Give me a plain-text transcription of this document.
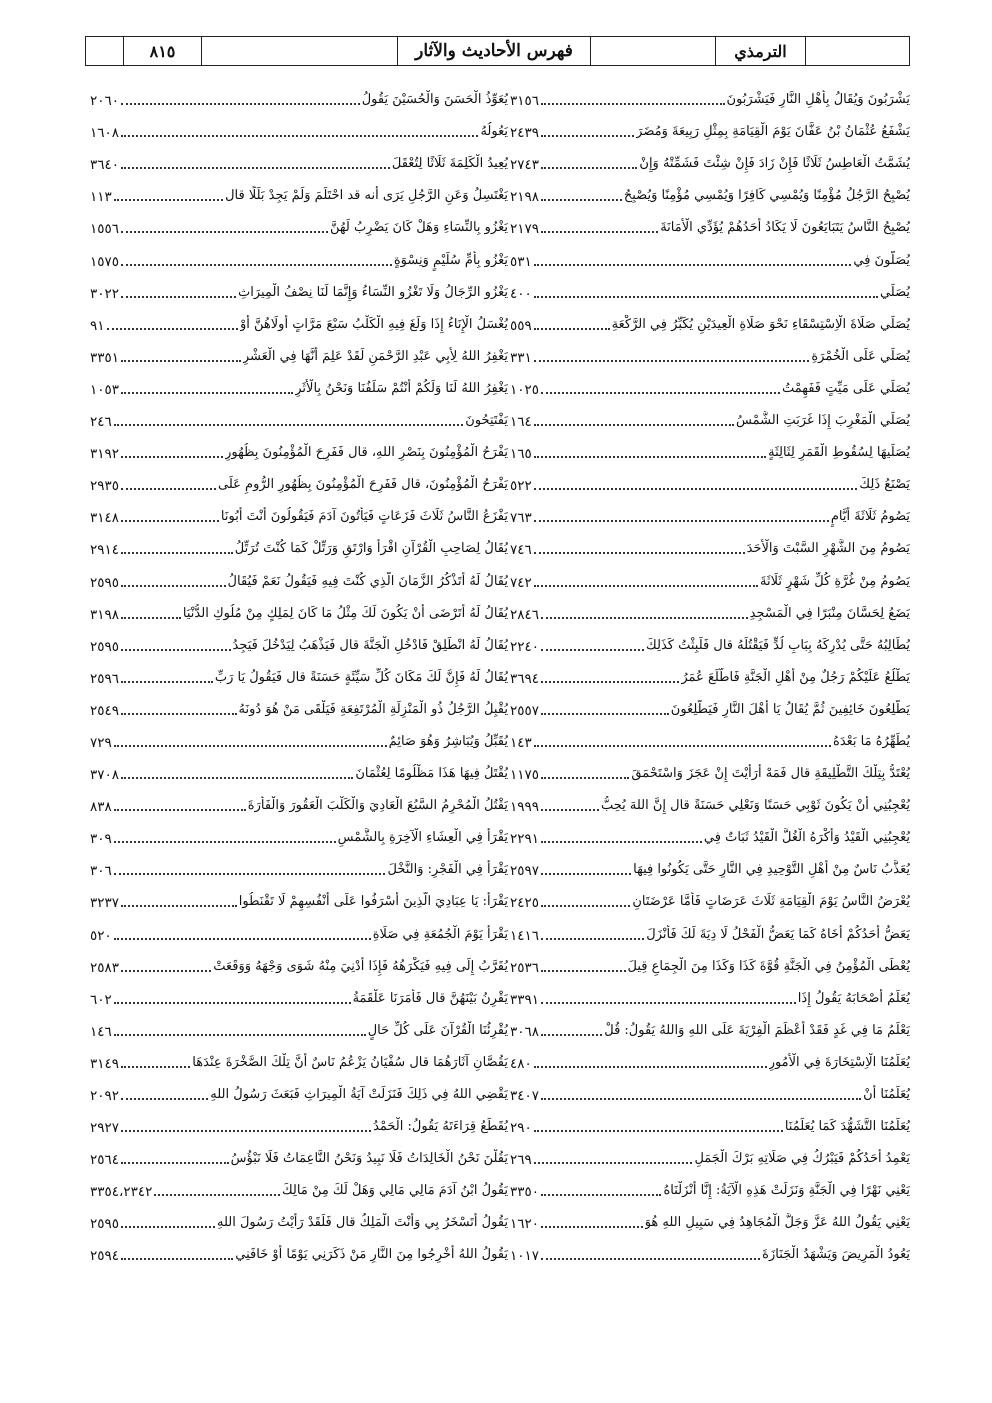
٨١٥	فهرس الأحاديث والآثار	الترمذي
٣١٥٦	يَشْرَبُونَ وَيُقَالُ بِأَهْلِ النَّارِ فَيَشْرَبُونَ
٢٤٣٩	يَشْفَعُ عُثْمَانُ بْنُ عَفَّانَ يَوْمَ الْقِيَامَةِ بِمِثْلِ رَبِيعَةَ وَمُضَرَ
٢٧٤٣	يُشَمَّتُ الْعَاطِسُ ثَلَاثًا فَإِنْ زَادَ فَإِنْ شِئْتَ فَشَمِّتْهُ وَإِنْ
٢١٩٨	يُصْبِحُ الرَّجُلُ مُؤْمِنًا وَيُمْسِي كَافِرًا وَيُمْسِي مُؤْمِنًا وَيُصْبِحُ
٢١٧٩	يُصْبِحُ النَّاسُ يَتَبَايَعُونَ لَا يَكَادُ أَحَدُهُمْ يُؤَدِّي الْأَمَانَةَ
٥٣١	يُصَلُّونَ فِي
٤٠٠	يُصَلِّي
٥٥٩	يُصَلِّي صَلَاةَ الْاِسْتِسْقَاءِ نَحْوَ صَلَاةِ الْعِيدَيْنِ يُكَبِّرُ فِي الرَّكْعَةِ
٣٣١	يُصَلِّي عَلَى الْخُمْرَةِ
١٠٢٥	يُصَلِّي عَلَى مَيِّتٍ فَفَهِمْتُ
١٦٤	يُصَلِّي الْمَغْرِبَ إِذَا غَرَبَتِ الشَّمْسُ
١٦٥	يُصَلِّيهَا لِسُقُوطِ الْقَمَرِ لِثَالِثَةٍ
٥٢٢	يَصْنَعُ ذَلِكَ
٧٦٣	يَصُومُ ثَلَاثَةَ أَيَّامٍ
٧٤٦	يَصُومُ مِنَ الشَّهْرِ السَّبْتَ وَالْأَحَدَ
٧٤٢	يَصُومُ مِنْ غُرَّةِ كُلِّ شَهْرٍ ثَلَاثَةَ
٢٨٤٦	يَضَعُ لِحَسَّانَ مِنْبَرًا فِي الْمَسْجِدِ
٢٢٤٠	يُطَالِبُهُ حَتَّى يُدْرِكَهُ بِبَابِ لُدٍّ فَيَقْتُلَهُ قال فَلَبِثْتُ كَذَلِكَ
٣٦٩٤	يَطْلُعُ عَلَيْكُمْ رَجُلٌ مِنْ أَهْلِ الْجَنَّةِ فَاطَّلَعَ عُمَرُ
٢٥٥٧	يَطَّلِعُونَ خَائِفِينَ ثُمَّ يُقَالُ يَا أَهْلَ النَّارِ فَيَطَّلِعُونَ
١٤٣	يُطَهِّرُهُ مَا بَعْدَهُ
١١٧٥	يُعْتَدُّ بِتِلْكَ التَّطْلِيقَةِ قال فَمَهْ أَرَأَيْتَ إِنْ عَجَزَ وَاسْتَحْمَقَ
١٩٩٩	يُعْجِبُنِي أَنْ يَكُونَ ثَوْبِي حَسَنًا وَنَعْلِي حَسَنَةً قال إِنَّ اللهَ يُحِبُّ
٢٢٩١	يُعْجِبُنِي الْقَيْدُ وَأَكْرَهُ الْغُلَّ الْقَيْدُ ثَبَاتٌ فِي
٢٥٩٧	يُعَذَّبُ نَاسٌ مِنْ أَهْلِ التَّوْحِيدِ فِي النَّارِ حَتَّى يَكُونُوا فِيهَا
٢٤٢٥	يُعْرَضُ النَّاسُ يَوْمَ الْقِيَامَةِ ثَلَاثَ عَرَضَاتٍ فَأَمَّا عَرْضَتَانِ
١٤١٦	يَعَضُّ أَحَدُكُمْ أَخَاهُ كَمَا يَعَضُّ الْفَحْلُ لَا دِيَةَ لَكَ فَأَنْزَلَ
٢٥٣٦	يُعْطَى الْمُؤْمِنُ فِي الْجَنَّةِ قُوَّةَ كَذَا وَكَذَا مِنَ الْجِمَاعِ قِيلَ
٣٣٩١	يُعَلِّمُ أَصْحَابَهُ يَقُولُ إِذَا
٣٠٦٨	يَعْلَمُ مَا فِي غَدٍ فَقَدْ أَعْظَمَ الْفِرْيَةَ عَلَى اللهِ وَاللهُ يَقُولُ: قُلْ
٤٨٠	يُعَلِّمُنَا الْاِسْتِخَارَةَ فِي الْأُمُورِ
٣٤٠٧	يُعَلِّمُنَا أَنْ
٢٩٠	يُعَلِّمُنَا التَّشَهُّدَ كَمَا يُعَلِّمُنَا
٢٦٩	يَعْمِدُ أَحَدُكُمْ فَيَبْرُكُ فِي صَلَاتِهِ بَرْكَ الْجَمَلِ
٣٣٥٠	يَعْنِي نَهْرًا فِي الْجَنَّةِ وَنَزَلَتْ هَذِهِ الْآيَةُ: إِنَّا أَنْزَلْنَاهُ
١٦٢٠	يَعْنِي يَقُولُ اللهُ عَزَّ وَجَلَّ الْمُجَاهِدُ فِي سَبِيلِ اللهِ هُوَ
١٠١٧	يَعُودُ الْمَرِيضَ وَيَشْهَدُ الْجَنَازَةَ
٢٠٦٠	يُعَوِّذُ الْحَسَنَ وَالْحُسَيْنَ يَقُولُ
١٦٠٨	يَعُولُهُ
٣٦٤٠	يُعِيدُ الْكَلِمَةَ ثَلَاثًا لِتُعْقَلَ
١١٣	يَغْتَسِلُ وَعَنِ الرَّجُلِ يَرَى أنه قد احْتَلَمَ وَلَمْ يَجِدْ بَلَلًا قال
١٥٥٦	يَغْزُو بِالنِّسَاءِ وَهَلْ كَانَ يَضْرِبُ لَهُنَّ
١٥٧٥	يَغْزُو بِأُمِّ سُلَيْمٍ وَنِسْوَةٍ
٣٠٢٢	يَغْزُو الرِّجَالُ وَلَا تَغْزُو النِّسَاءُ وَإِنَّمَا لَنَا نِصْفُ الْمِيرَاثِ
٩١	يُغْسَلُ الْإِنَاءُ إِذَا وَلَغَ فِيهِ الْكَلْبُ سَبْعَ مَرَّاتٍ أُولَاهُنَّ أَوْ
٣٣٥١	يَغْفِرُ اللهُ لِأَبِي عَبْدِ الرَّحْمَنِ لَقَدْ عَلِمَ أَنَّهَا فِي الْعَشْرِ
١٠٥٣	يَغْفِرُ اللهُ لَنَا وَلَكُمْ أَنْتُمْ سَلَفُنَا وَنَحْنُ بِالْأَثَرِ
٢٤٦	يَفْتَتِحُونَ
٣١٩٢	يَفْرَحُ الْمُؤْمِنُونَ بِنَصْرِ اللهِ، قال فَفَرِحَ الْمُؤْمِنُونَ بِظُهُورِ
٢٩٣٥	يَفْرَحُ الْمُؤْمِنُونَ، قال فَفَرِحَ الْمُؤْمِنُونَ بِظُهُورِ الرُّومِ عَلَى
٣١٤٨	يَفْزَعُ النَّاسُ ثَلَاثَ فَزَعَاتٍ فَيَأْتُونَ آدَمَ فَيَقُولُونَ أَنْتَ أَبُونَا
٢٩١٤	يُقَالُ لِصَاحِبِ الْقُرْآنِ اقْرَأْ وَارْتَقِ وَرَتِّلْ كَمَا كُنْتَ تُرَتِّلُ
٢٥٩٥	يُقَالُ لَهُ أَتَذْكُرُ الزَّمَانَ الَّذِي كُنْتَ فِيهِ فَيَقُولُ نَعَمْ فَيُقَالُ
٣١٩٨	يُقَالُ لَهُ أَتَرْضَى أَنْ يَكُونَ لَكَ مِثْلُ مَا كَانَ لِمَلِكٍ مِنْ مُلُوكِ الدُّنْيَا
٢٥٩٥	يُقَالُ لَهُ انْطَلِقْ فَادْخُلِ الْجَنَّةَ قال فَيَذْهَبُ لِيَدْخُلَ فَيَجِدُ
٢٥٩٦	يُقَالُ لَهُ فَإِنَّ لَكَ مَكَانَ كُلِّ سَيِّئَةٍ حَسَنَةً قال فَيَقُولُ يَا رَبِّ
٢٥٤٩	يُقْبِلُ الرَّجُلُ ذُو الْمَنْزِلَةِ الْمُرْتَفِعَةِ فَيَلْقَى مَنْ هُوَ دُونَهُ
٧٢٩	يُقَبِّلُ وَيُبَاشِرُ وَهُوَ صَائِمٌ
٣٧٠٨	يُقْتَلُ فِيهَا هَذَا مَظْلُومًا لِعُثْمَانَ
٨٣٨	يَقْتُلُ الْمُحْرِمُ السَّبُعَ الْعَادِيَ وَالْكَلْبَ الْعَقُورَ وَالْفَأْرَةَ
٣٠٩	يَقْرَأُ فِي الْعِشَاءِ الْآخِرَةِ بِالشَّمْسِ
٣٠٦	يَقْرَأُ فِي الْفَجْرِ: وَالنَّخْلَ
٣٢٣٧	يَقْرَأُ: يَا عِبَادِيَ الَّذِينَ أَسْرَفُوا عَلَى أَنْفُسِهِمْ لَا تَقْنَطُوا
٥٢٠	يَقْرَأُ يَوْمَ الْجُمُعَةِ فِي صَلَاةِ
٢٥٨٣	يُقَرَّبُ إِلَى فِيهِ فَيَكْرَهُهُ فَإِذَا أُدْنِيَ مِنْهُ شَوَى وَجْهَهُ وَوَقَعَتْ
٦٠٢	يَقْرِنُ بَيْنَهُنَّ قال فَأَمَرَنَا عَلْقَمَةُ
١٤٦	يُقْرِئُنَا الْقُرْآنَ عَلَى كُلِّ حَالٍ
٣١٤٩	يَقُصَّانِ آثَارَهُمَا قال سُفْيَانُ يَزْعُمُ نَاسٌ أَنَّ تِلْكَ الصَّخْرَةَ عِنْدَهَا
٢٠٩٢	يَقْضِي اللهُ فِي ذَلِكَ فَنَزَلَتْ آيَةُ الْمِيرَاثِ فَبَعَثَ رَسُولُ اللهِ
٢٩٢٧	يُقَطِّعُ قِرَاءَتَهُ يَقُولُ: الْحَمْدُ
٢٥٦٤	يَقُلْنَ نَحْنُ الْخَالِدَاتُ فَلَا نَبِيدُ وَنَحْنُ النَّاعِمَاتُ فَلَا نَبْؤُسُ
٣٣٥٤،٢٣٤٢	يَقُولُ ابْنُ آدَمَ مَالِي مَالِي وَهَلْ لَكَ مِنْ مَالِكَ
٢٥٩٥	يَقُولُ أَتَسْخَرُ بِي وَأَنْتَ الْمَلِكُ قال فَلَقَدْ رَأَيْتُ رَسُولَ اللهِ
٢٥٩٤	يَقُولُ اللهُ أَخْرِجُوا مِنَ النَّارِ مَنْ ذَكَرَنِي يَوْمًا أَوْ خَافَنِي
